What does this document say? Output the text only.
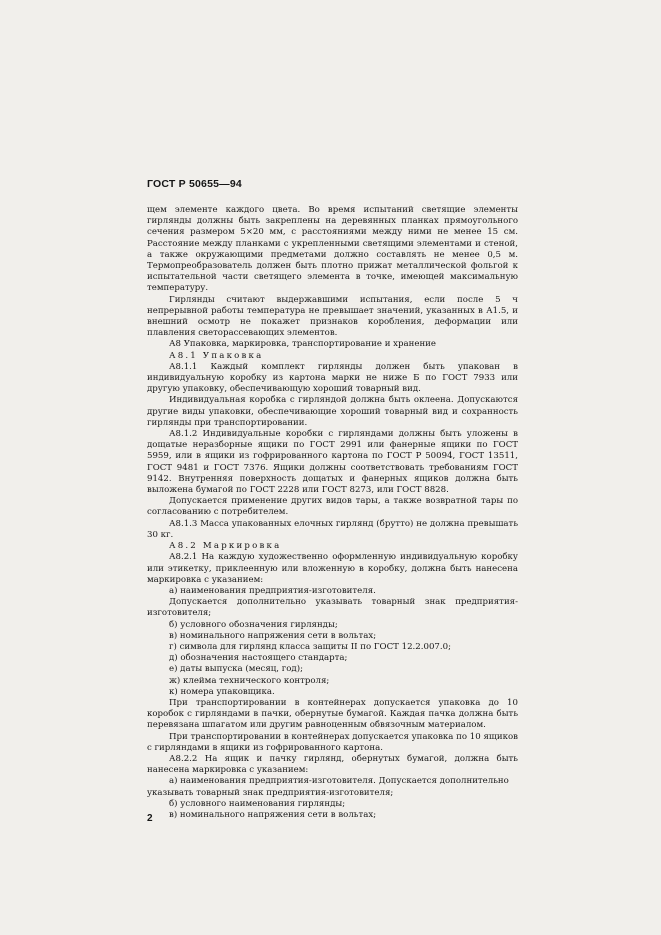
ГОСТ Р 50655—94

щем элементе каждого цвета. Во время испытаний светящие элементы гирлянды должны быть закреплены на деревянных планках прямоугольного сечения размером 5×20 мм, с расстояниями между ними не менее 15 см. Расстояние между планками с укрепленными светящими элементами и стеной, а также окружающими предметами должно составлять не менее 0,5 м. Термопреобразователь должен быть плотно прижат металлической фольгой к испытательной части светящего элемента в точке, имеющей максимальную температуру.

Гирлянды считают выдержавшими испытания, если после 5 ч непрерывной работы температура не превышает значений, указанных в А1.5, и внешний осмотр не покажет признаков коробления, деформации или плавления светорассевающих элементов.

А8 Упаковка, маркировка, транспортирование и хранение

А8.1 Упаковка

А8.1.1 Каждый комплект гирлянды должен быть упакован в индивидуальную коробку из картона марки не ниже Б по ГОСТ 7933 или другую упаковку, обеспечивающую хороший товарный вид.

Индивидуальная коробка с гирляндой должна быть оклеена. Допускаются другие виды упаковки, обеспечивающие хороший товарный вид и сохранность гирлянды при транспортировании.

А8.1.2 Индивидуальные коробки с гирляндами должны быть уложены в дощатые неразборные ящики по ГОСТ 2991 или фанерные ящики по ГОСТ 5959, или в ящики из гофрированного картона по ГОСТ Р 50094, ГОСТ 13511, ГОСТ 9481 и ГОСТ 7376. Ящики должны соответствовать требованиям ГОСТ 9142. Внутренняя поверхность дощатых и фанерных ящиков должна быть выложена бумагой по ГОСТ 2228 или ГОСТ 8273, или ГОСТ 8828.

Допускается применение других видов тары, а также возвратной тары по согласованию с потребителем.

А8.1.3 Масса упакованных елочных гирлянд (брутто) не должна превышать 30 кг.

А8.2 Маркировка

А8.2.1 На каждую художественно оформленную индивидуальную коробку или этикетку, приклеенную или вложенную в коробку, должна быть нанесена маркировка с указанием:

а) наименования предприятия-изготовителя.

Допускается дополнительно указывать товарный знак предприятия-изготовителя;

б) условного обозначения гирлянды;

в) номинального напряжения сети в вольтах;

г) символа для гирлянд класса защиты II по ГОСТ 12.2.007.0;

д) обозначения настоящего стандарта;

е) даты выпуска (месяц, год);

ж) клейма технического контроля;

к) номера упаковщика.

При транспортировании в контейнерах допускается упаковка до 10 коробок с гирляндами в пачки, обернутые бумагой. Каждая пачка должна быть перевязана шпагатом или другим равноценным обвязочным материалом.

При транспортировании в контейнерах допускается упаковка по 10 ящиков с гирляндами в ящики из гофрированного картона.

А8.2.2 На ящик и пачку гирлянд, обернутых бумагой, должна быть нанесена маркировка с указанием:

а) наименования предприятия-изготовителя. Допускается дополнительно указывать товарный знак предприятия-изготовителя;

б) условного наименования гирлянды;

в) номинального напряжения сети в вольтах;

2
